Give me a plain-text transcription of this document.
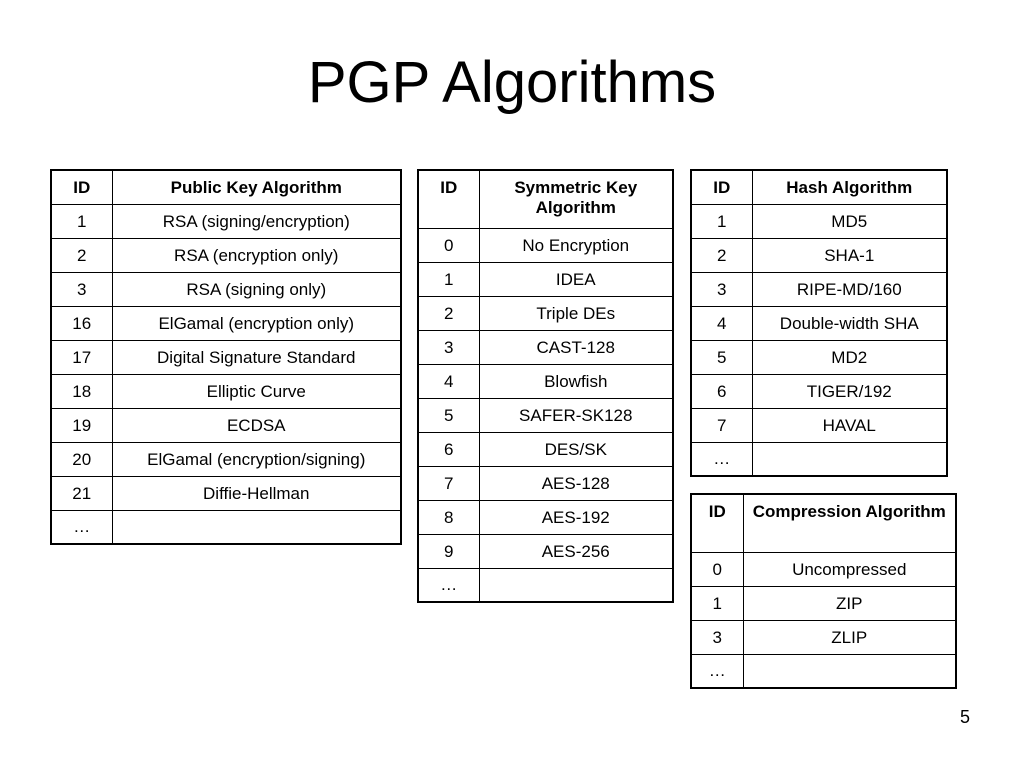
PGP Algorithms
ID	Public Key Algorithm
1	RSA (signing/encryption)
2	RSA (encryption only)
3	RSA (signing only)
16	ElGamal (encryption only)
17	Digital Signature Standard
18	Elliptic Curve
19	ECDSA
20	ElGamal (encryption/signing)
21	Diffie-Hellman
…	
ID	Symmetric Key Algorithm
0	No Encryption
1	IDEA
2	Triple DEs
3	CAST-128
4	Blowfish
5	SAFER-SK128
6	DES/SK
7	AES-128
8	AES-192
9	AES-256
…	
ID	Hash Algorithm
1	MD5
2	SHA-1
3	RIPE-MD/160
4	Double-width SHA
5	MD2
6	TIGER/192
7	HAVAL
…	
ID	Compression Algorithm
0	Uncompressed
1	ZIP
3	ZLIP
…	
5
